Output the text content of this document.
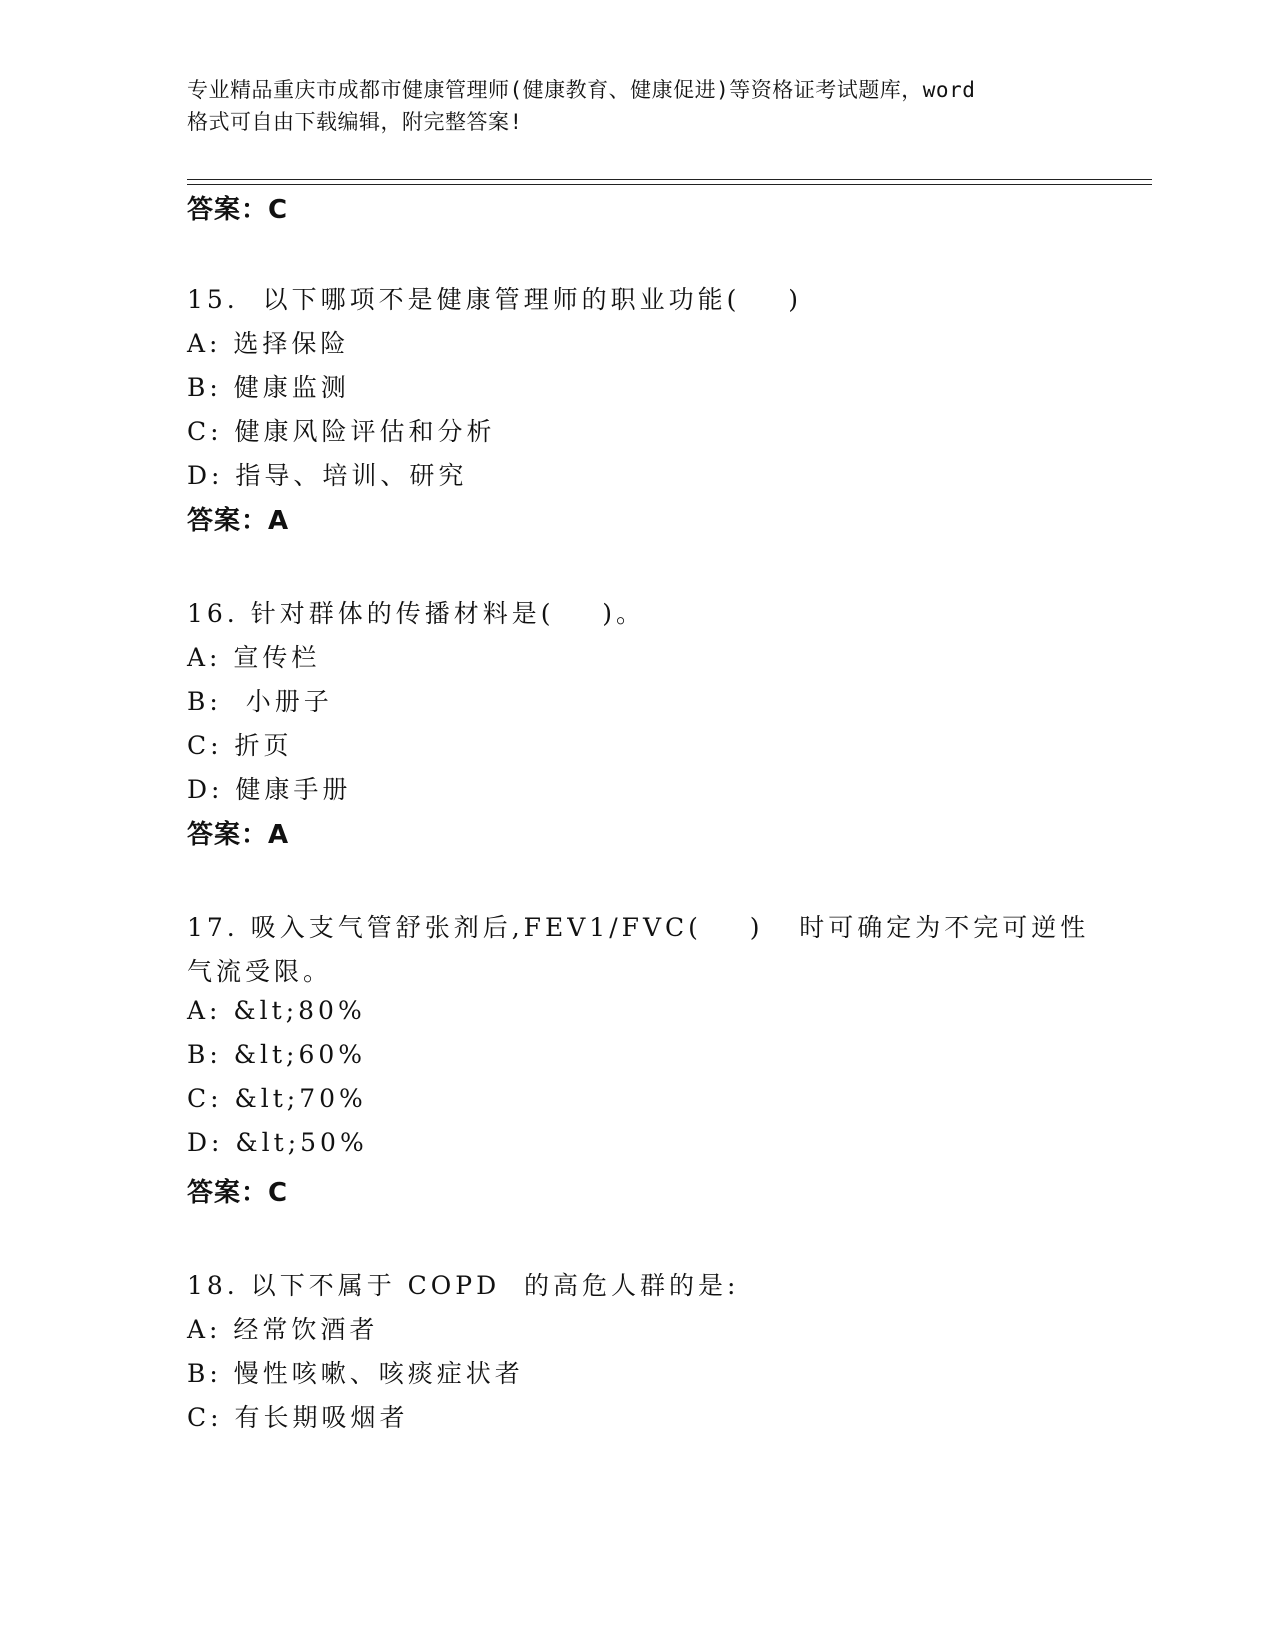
专业精品重庆市成都市健康管理师(健康教育、健康促进)等资格证考试题库，word
格式可自由下载编辑，附完整答案!
答案：C
15.  以下哪项不是健康管理师的职业功能(    )
A: 选择保险
B: 健康监测
C: 健康风险评估和分析
D: 指导、培训、研究
答案：A
16. 针对群体的传播材料是(    )。
A: 宣传栏
B:  小册子
C: 折页
D: 健康手册
答案：A
17. 吸入支气管舒张剂后,FEV1/FVC(    )   时可确定为不完可逆性
气流受限。
A: &lt;80%
B: &lt;60%
C: &lt;70%
D: &lt;50%
答案：C
18. 以下不属于 COPD  的高危人群的是:
A: 经常饮酒者
B: 慢性咳嗽、咳痰症状者
C: 有长期吸烟者
